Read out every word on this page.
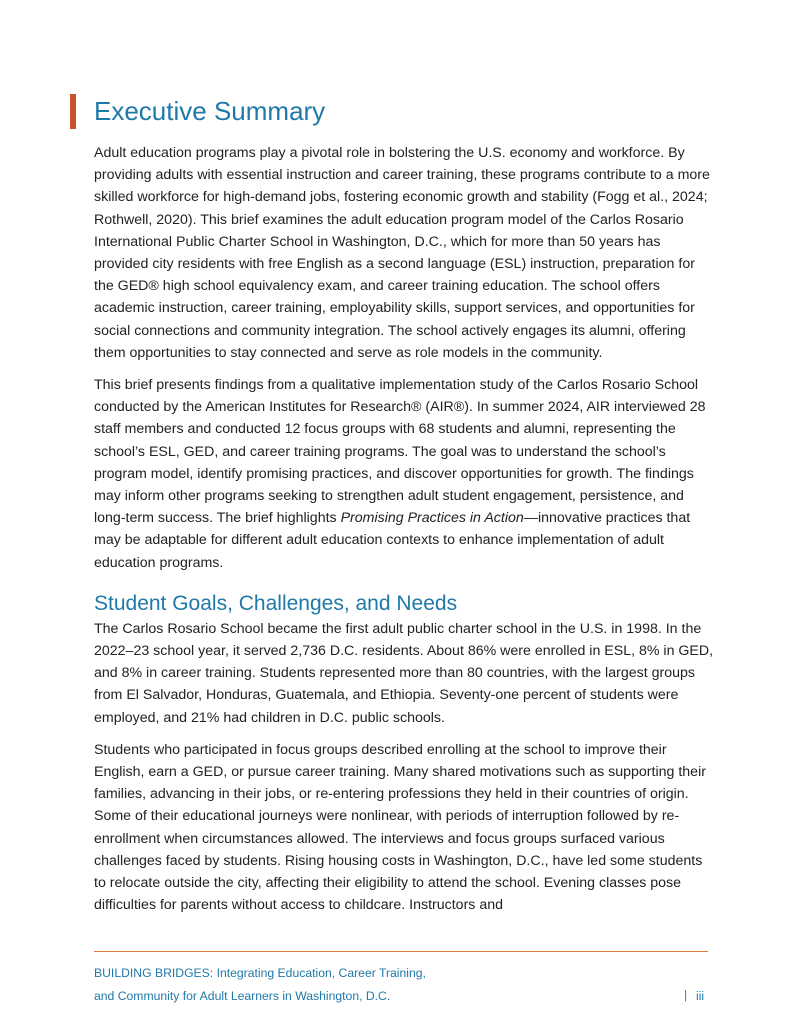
Executive Summary

Adult education programs play a pivotal role in bolstering the U.S. economy and workforce. By providing adults with essential instruction and career training, these programs contribute to a more skilled workforce for high-demand jobs, fostering economic growth and stability (Fogg et al., 2024; Rothwell, 2020). This brief examines the adult education program model of the Carlos Rosario International Public Charter School in Washington, D.C., which for more than 50 years has provided city residents with free English as a second language (ESL) instruction, preparation for the GED® high school equivalency exam, and career training education. The school offers academic instruction, career training, employability skills, support services, and opportunities for social connections and community integration. The school actively engages its alumni, offering them opportunities to stay connected and serve as role models in the community.

This brief presents findings from a qualitative implementation study of the Carlos Rosario School conducted by the American Institutes for Research® (AIR®). In summer 2024, AIR interviewed 28 staff members and conducted 12 focus groups with 68 students and alumni, representing the school’s ESL, GED, and career training programs. The goal was to understand the school’s program model, identify promising practices, and discover opportunities for growth. The findings may inform other programs seeking to strengthen adult student engagement, persistence, and long-term success. The brief highlights Promising Practices in Action—innovative practices that may be adaptable for different adult education contexts to enhance implementation of adult education programs.

Student Goals, Challenges, and Needs

The Carlos Rosario School became the first adult public charter school in the U.S. in 1998. In the 2022–23 school year, it served 2,736 D.C. residents. About 86% were enrolled in ESL, 8% in GED, and 8% in career training. Students represented more than 80 countries, with the largest groups from El Salvador, Honduras, Guatemala, and Ethiopia. Seventy-one percent of students were employed, and 21% had children in D.C. public schools.

Students who participated in focus groups described enrolling at the school to improve their English, earn a GED, or pursue career training. Many shared motivations such as supporting their families, advancing in their jobs, or re-entering professions they held in their countries of origin. Some of their educational journeys were nonlinear, with periods of interruption followed by re-enrollment when circumstances allowed. The interviews and focus groups surfaced various challenges faced by students. Rising housing costs in Washington, D.C., have led some students to relocate outside the city, affecting their eligibility to attend the school. Evening classes pose difficulties for parents without access to childcare. Instructors and

BUILDING BRIDGES: Integrating Education, Career Training,
and Community for Adult Learners in Washington, D.C.	| iii
